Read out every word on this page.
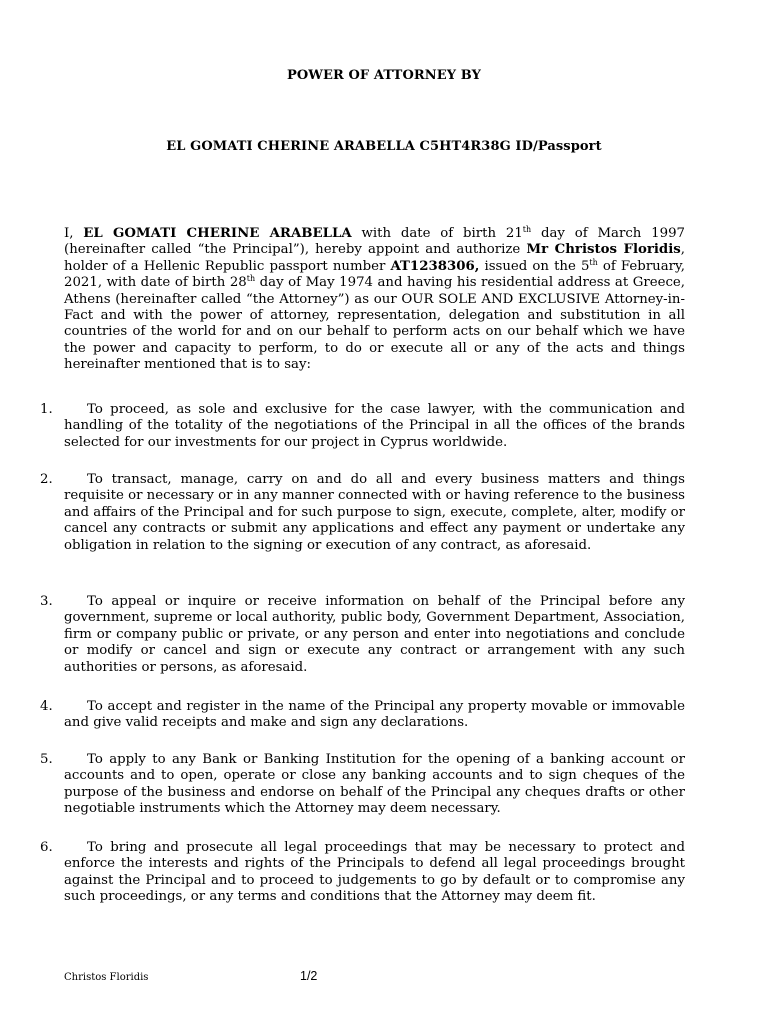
POWER OF ATTORNEY BY
EL GOMATI CHERINE ARABELLA C5HT4R38G ID/Passport
I, EL GOMATI CHERINE ARABELLA with date of birth 21th day of March 1997 (hereinafter called “the Principal”), hereby appoint and authorize Mr Christos Floridis, holder of a Hellenic Republic passport number AT1238306, issued on the 5th of February, 2021, with date of birth 28th day of May 1974 and having his residential address at Greece, Athens (hereinafter called “the Attorney”) as our OUR SOLE AND EXCLUSIVE Attorney-in-Fact and with the power of attorney, representation, delegation and substitution in all countries of the world for and on our behalf to perform acts on our behalf which we have the power and capacity to perform, to do or execute all or any of the acts and things hereinafter mentioned that is to say:
1.	To proceed, as sole and exclusive for the case lawyer, with the communication and handling of the totality of the negotiations of the Principal in all the offices of the brands selected for our investments for our project in Cyprus worldwide.
2.	To transact, manage, carry on and do all and every business matters and things requisite or necessary or in any manner connected with or having reference to the business and affairs of the Principal and for such purpose to sign, execute, complete, alter, modify or cancel any contracts or submit any applications and effect any payment or undertake any obligation in relation to the signing or execution of any contract, as aforesaid.
3.	To appeal or inquire or receive information on behalf of the Principal before any government, supreme or local authority, public body, Government Department, Association, firm or company public or private, or any person and enter into negotiations and conclude or modify or cancel and sign or execute any contract or arrangement with any such authorities or persons, as aforesaid.
4.	To accept and register in the name of the Principal any property movable or immovable and give valid receipts and make and sign any declarations.
5.	To apply to any Bank or Banking Institution for the opening of a banking account or accounts and to open, operate or close any banking accounts and to sign cheques of the purpose of the business and endorse on behalf of the Principal any cheques drafts or other negotiable instruments which the Attorney may deem necessary.
6.	To bring and prosecute all legal proceedings that may be necessary to protect and enforce the interests and rights of the Principals to defend all legal proceedings brought against the Principal and to proceed to judgements to go by default or to compromise any such proceedings, or any terms and conditions that the Attorney may deem fit.
Christos Floridis	1/2
